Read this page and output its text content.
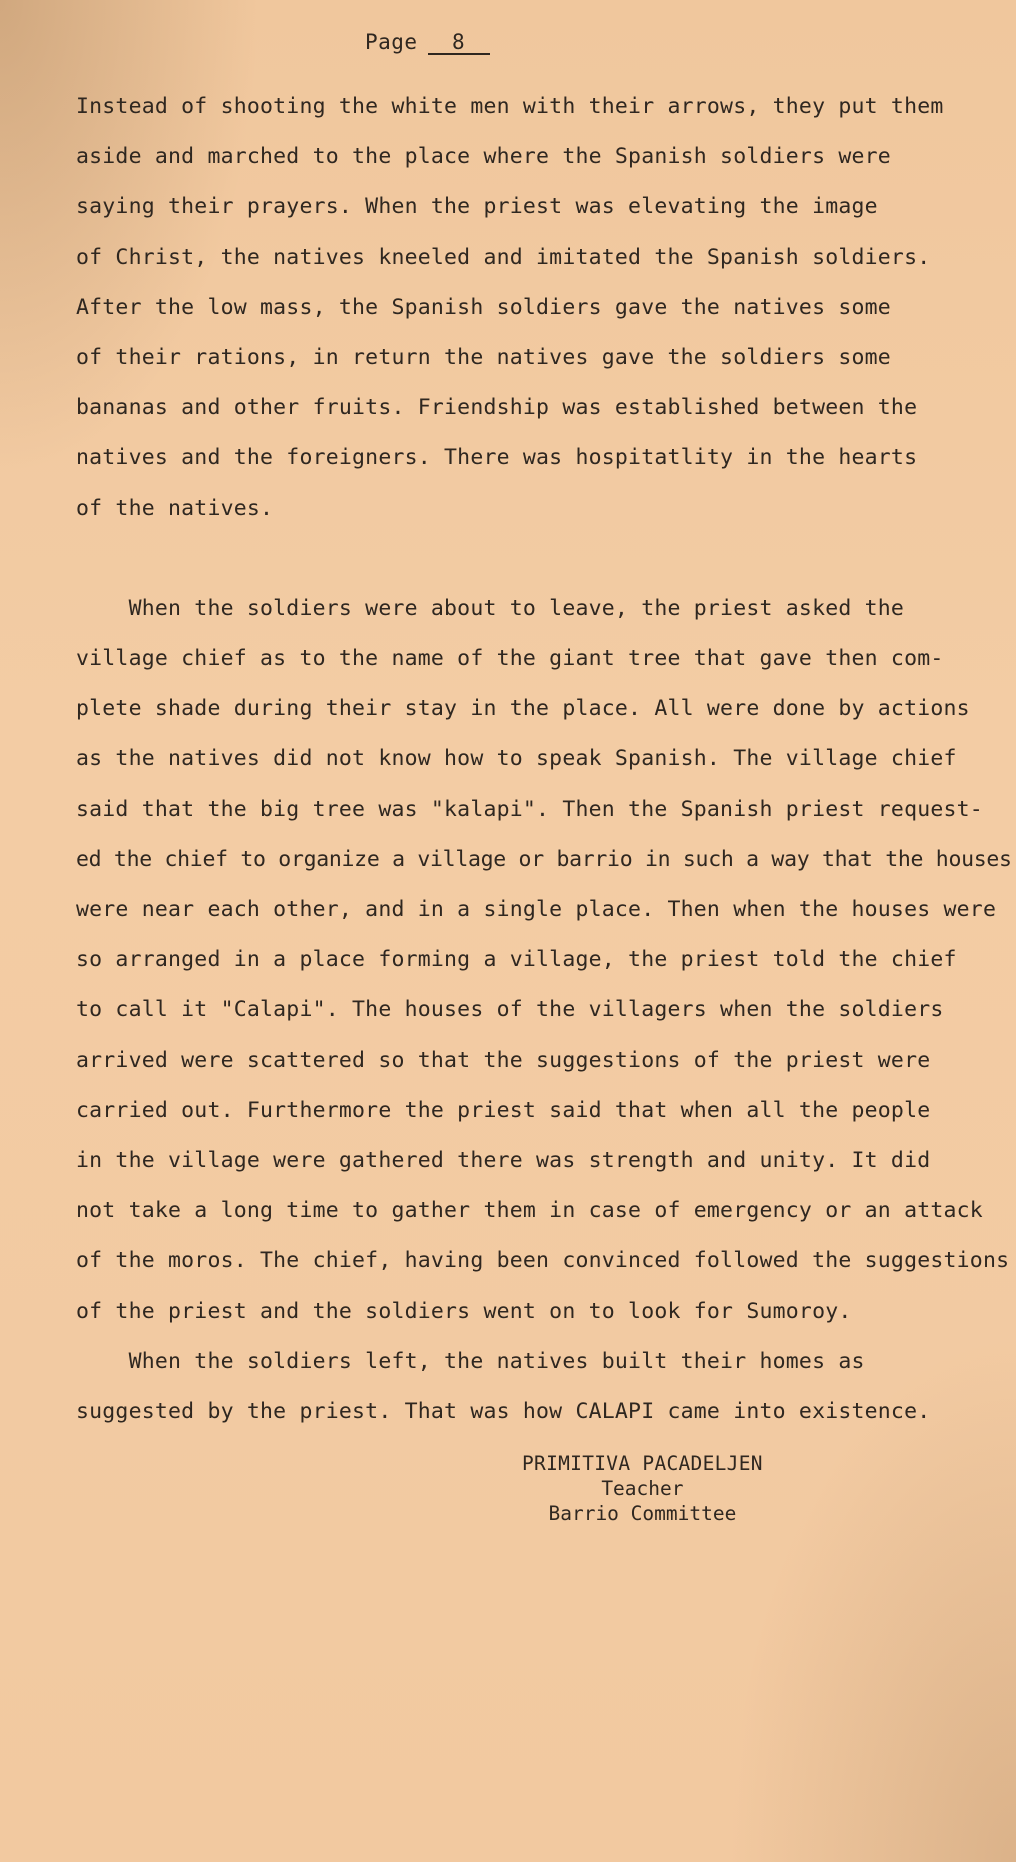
Page 8
Instead of shooting the white men with their arrows, they put them
aside and marched to the place where the Spanish soldiers were
saying their prayers. When the priest was elevating the image
of Christ, the natives kneeled and imitated the Spanish soldiers.
After the low mass, the Spanish soldiers gave the natives some
of their rations, in return the natives gave the soldiers some
bananas and other fruits. Friendship was established between the
natives and the foreigners. There was hospitatlity in the hearts
of the natives.
When the soldiers were about to leave, the priest asked the
village chief as to the name of the giant tree that gave then com-
plete shade during their stay in the place. All were done by actions
as the natives did not know how to speak Spanish. The village chief
said that the big tree was "kalapi". Then the Spanish priest request-
ed the chief to organize a village or barrio in such a way that the houses
were near each other, and in a single place. Then when the houses were
so arranged in a place forming a village, the priest told the chief
to call it "Calapi". The houses of the villagers when the soldiers
arrived were scattered so that the suggestions of the priest were
carried out. Furthermore the priest said that when all the people
in the village were gathered there was strength and unity. It did
not take a long time to gather them in case of emergency or an attack
of the moros. The chief, having been convinced followed the suggestions
of the priest and the soldiers went on to look for Sumoroy.
When the soldiers left, the natives built their homes as
suggested by the priest. That was how CALAPI came into existence.
PRIMITIVA PACADELJEN
Teacher
Barrio Committee
